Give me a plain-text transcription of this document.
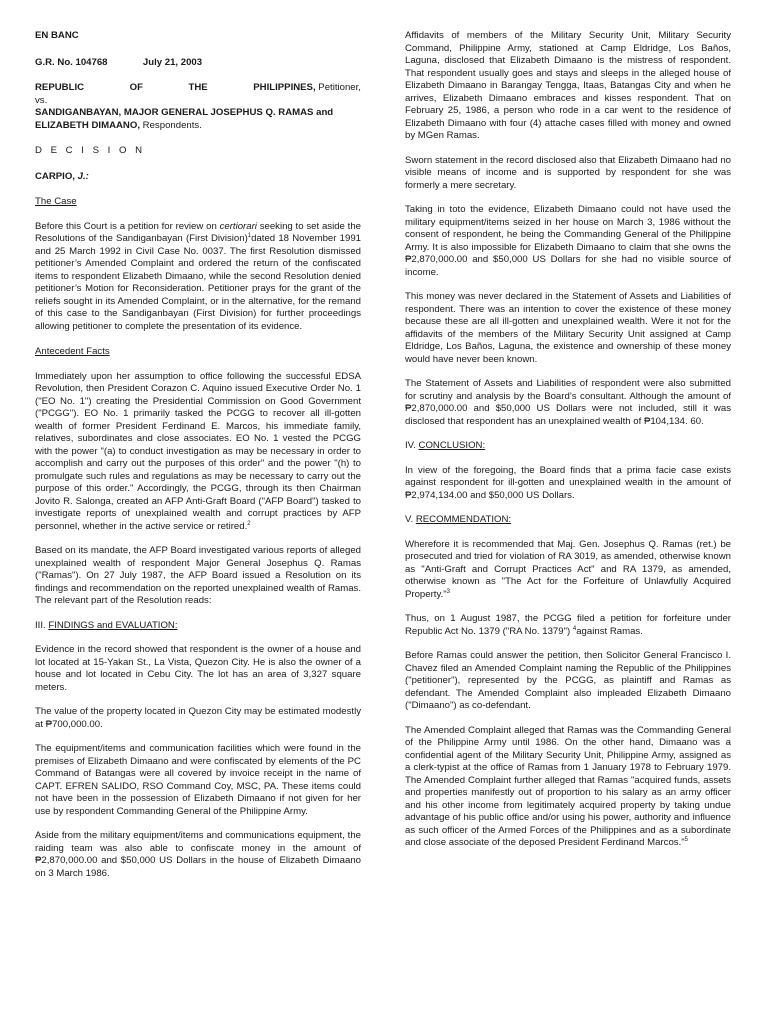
EN BANC

G.R. No. 104768	July 21, 2003

REPUBLIC	OF	THE	PHILIPPINES, Petitioner,

vs.

SANDIGANBAYAN, MAJOR GENERAL JOSEPHUS Q. RAMAS and ELIZABETH DIMAANO, Respondents.

D E C I S I O N

CARPIO, J.:

The Case

Before this Court is a petition for review on certiorari seeking to set aside the Resolutions of the Sandiganbayan (First Division)$^1$dated 18 November 1991 and 25 March 1992 in Civil Case No. 0037. The first Resolution dismissed petitioner’s Amended Complaint and ordered the return of the confiscated items to respondent Elizabeth Dimaano, while the second Resolution denied petitioner’s Motion for Reconsideration. Petitioner prays for the grant of the reliefs sought in its Amended Complaint, or in the alternative, for the remand of this case to the Sandiganbayan (First Division) for further proceedings allowing petitioner to complete the presentation of its evidence.

Antecedent Facts

Immediately upon her assumption to office following the successful EDSA Revolution, then President Corazon C. Aquino issued Executive Order No. 1 ("EO No. 1") creating the Presidential Commission on Good Government ("PCGG"). EO No. 1 primarily tasked the PCGG to recover all ill-gotten wealth of former President Ferdinand E. Marcos, his immediate family, relatives, subordinates and close associates. EO No. 1 vested the PCGG with the power "(a) to conduct investigation as may be necessary in order to accomplish and carry out the purposes of this order" and the power "(h) to promulgate such rules and regulations as may be necessary to carry out the purpose of this order." Accordingly, the PCGG, through its then Chairman Jovito R. Salonga, created an AFP Anti-Graft Board ("AFP Board") tasked to investigate reports of unexplained wealth and corrupt practices by AFP personnel, whether in the active service or retired.$^2$

Based on its mandate, the AFP Board investigated various reports of alleged unexplained wealth of respondent Major General Josephus Q. Ramas ("Ramas"). On 27 July 1987, the AFP Board issued a Resolution on its findings and recommendation on the reported unexplained wealth of Ramas. The relevant part of the Resolution reads:

III. FINDINGS and EVALUATION:

Evidence in the record showed that respondent is the owner of a house and lot located at 15-Yakan St., La Vista, Quezon City. He is also the owner of a house and lot located in Cebu City. The lot has an area of 3,327 square meters.

The value of the property located in Quezon City may be estimated modestly at ₱700,000.00.

The equipment/items and communication facilities which were found in the premises of Elizabeth Dimaano and were confiscated by elements of the PC Command of Batangas were all covered by invoice receipt in the name of CAPT. EFREN SALIDO, RSO Command Coy, MSC, PA. These items could not have been in the possession of Elizabeth Dimaano if not given for her use by respondent Commanding General of the Philippine Army.

Aside from the military equipment/items and communications equipment, the raiding team was also able to confiscate money in the amount of ₱2,870,000.00 and $50,000 US Dollars in the house of Elizabeth Dimaano on 3 March 1986.

Affidavits of members of the Military Security Unit, Military Security Command, Philippine Army, stationed at Camp Eldridge, Los Baños, Laguna, disclosed that Elizabeth Dimaano is the mistress of respondent. That respondent usually goes and stays and sleeps in the alleged house of Elizabeth Dimaano in Barangay Tengga, Itaas, Batangas City and when he arrives, Elizabeth Dimaano embraces and kisses respondent. That on February 25, 1986, a person who rode in a car went to the residence of Elizabeth Dimaano with four (4) attache cases filled with money and owned by MGen Ramas.

Sworn statement in the record disclosed also that Elizabeth Dimaano had no visible means of income and is supported by respondent for she was formerly a mere secretary.

Taking in toto the evidence, Elizabeth Dimaano could not have used the military equipment/items seized in her house on March 3, 1986 without the consent of respondent, he being the Commanding General of the Philippine Army. It is also impossible for Elizabeth Dimaano to claim that she owns the ₱2,870,000.00 and $50,000 US Dollars for she had no visible source of income.

This money was never declared in the Statement of Assets and Liabilities of respondent. There was an intention to cover the existence of these money because these are all ill-gotten and unexplained wealth. Were it not for the affidavits of the members of the Military Security Unit assigned at Camp Eldridge, Los Baños, Laguna, the existence and ownership of these money would have never been known.

The Statement of Assets and Liabilities of respondent were also submitted for scrutiny and analysis by the Board’s consultant. Although the amount of ₱2,870,000.00 and $50,000 US Dollars were not included, still it was disclosed that respondent has an unexplained wealth of ₱104,134. 60.

IV. CONCLUSION:

In view of the foregoing, the Board finds that a prima facie case exists against respondent for ill-gotten and unexplained wealth in the amount of ₱2,974,134.00 and $50,000 US Dollars.

V. RECOMMENDATION:

Wherefore it is recommended that Maj. Gen. Josephus Q. Ramas (ret.) be prosecuted and tried for violation of RA 3019, as amended, otherwise known as "Anti-Graft and Corrupt Practices Act" and RA 1379, as amended, otherwise known as "The Act for the Forfeiture of Unlawfully Acquired Property."$^3$

Thus, on 1 August 1987, the PCGG filed a petition for forfeiture under Republic Act No. 1379 ("RA No. 1379") $^4$against Ramas.

Before Ramas could answer the petition, then Solicitor General Francisco I. Chavez filed an Amended Complaint naming the Republic of the Philippines ("petitioner"), represented by the PCGG, as plaintiff and Ramas as defendant. The Amended Complaint also impleaded Elizabeth Dimaano ("Dimaano") as co-defendant.

The Amended Complaint alleged that Ramas was the Commanding General of the Philippine Army until 1986. On the other hand, Dimaano was a confidential agent of the Military Security Unit, Philippine Army, assigned as a clerk-typist at the office of Ramas from 1 January 1978 to February 1979. The Amended Complaint further alleged that Ramas "acquired funds, assets and properties manifestly out of proportion to his salary as an army officer and his other income from legitimately acquired property by taking undue advantage of his public office and/or using his power, authority and influence as such officer of the Armed Forces of the Philippines and as a subordinate and close associate of the deposed President Ferdinand Marcos."$^5$
